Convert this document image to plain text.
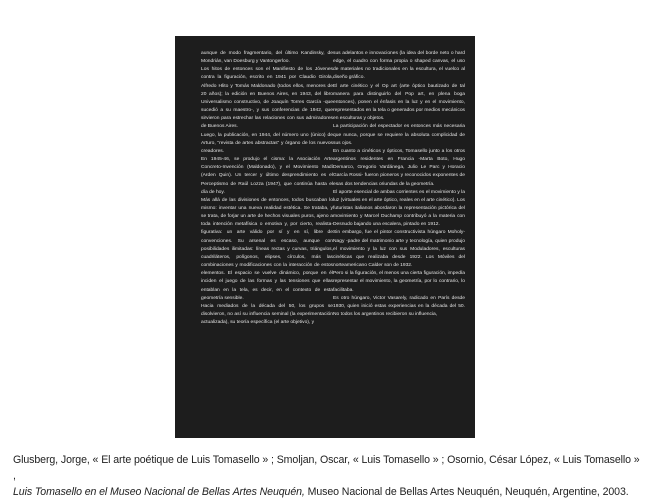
aunque de modo fragmentario, del último Kandinsky, de Mondrián, van Doesburg y Vantongerloo.

Los hitos de entonces son el Manifiesto de los Jóvenes contra la figuración, escrito en 1941 por Claudio Girola, Alfredo Hlito y Tomás Maldonado (todos ellos, menores de 20 años); la edición en Buenos Aires, en 1943, del libro Universalismo constructivo, de Joaquín Torres García -que sucedió a su maestro-, y sus conferencias de 1942, que sirvieron para estrechar las relaciones con sus admiradores de Buenos Aires.

Luego, la publicación, en 1944, del número uno (único) de Arturo, "revista de artes abstractas" y órgano de los nuevos creadores.

En 1945-46, se produjo el cisma: la Asociación Arte Concreto-Invención (Maldonado), y el Movimiento Madí (Arden Quin). Un tercer y último desprendimiento es el Perceptismo de Raúl Lozza (1947), que continúa hasta el día de hoy.

Más allá de las divisiones de entonces, todos buscaban lo mismo: inventar una nueva realidad estética. Se trataba, y se trata, de forjar un arte de hechos visuales puros, ajeno a toda intención metafísica o emotiva y, por cierto, realista-figurativa: un arte válido por sí y en sí, libre de convenciones. Su arsenal es escaso, aunque con posibilidades ilimitadas: líneas rectas y curvas, triángulos, cuadriláteros, polígonos, elipses, círculos, más las combinaciones y modificaciones con la interacción de estos elementos. El espacio se vuelve dinámico, porque en él inciden el juego de las formas y las tensiones que ellas entablan en la tela, es decir, en el contexto de esta geometría sensible.

Hacia mediados de la década del 50, los grupos se disolvieron, no así su influencia seminal (la experimentación actualizada), su teoría específica (el arte objetivo), y

sus adelantos e innovaciones (la idea del borde neto o hard edge, el cuadro con forma propia o shaped canvas, el uso de materiales no tradicionales en la escultura, el vuelco al diseño gráfico.

El arte cinético y el Op art (arte óptico bautizado de tal manera para distinguirlo del Pop art, en plena boga entonces), ponen el énfasis en la luz y en el movimiento, representados en la tela o generados por medios mecánicos en esculturas y objetos.

La participación del espectador es entonces más necesaria que nunca, porque se requiere la absoluta complicidad de sus ojos.

En cuanto a cinéticos y ópticos, Tomasello junto a los otros argentinos residentes en Francia -Marta Boto, Hugo Demarco, Gregorio Vardánega, Julio Le Parc y Horacio García Rossi- fueron pioneros y reconocidos exponentes de esas dos tendencias oriundas de la geometría.

El aporte esencial de ambas corrientes es el movimiento y la luz (virtuales en el arte óptico, reales en el arte cinético). Los futuristas italianos abordaron la representación pictórica del movimiento y Marcel Duchamp contribuyó a la materia con Desnudo bajando una escalera, pintado en 1912.

Sin embargo, fue el pintor constructivista húngaro Moholy-Nagy -padre del matrimonio arte y tecnología, quien produjo el movimiento y la luz con sus Moduladores, esculturas cinéticas que realizaba desde 1922. Los Móviles del norteamericano Calder son de 1932.

Pero si la figuración, el menos una cierta figuración, impedía representar el movimiento, la geometría, por lo contrario, lo facilitaba.

Es otro húngaro, Victor Vasarely, radicado en París desde 1930, quien inició estas experiencias en la década del 50. No todos los argentinos recibieron su influencia,

Glusberg, Jorge, « El arte poétique de Luis Tomasello » ; Smoljan, Oscar, « Luis Tomasello » ; Osornio, César López, « Luis Tomasello » ,
Luis Tomasello en el Museo Nacional de Bellas Artes Neuquén, Museo Nacional de Bellas Artes Neuquén, Neuquén, Argentine, 2003.
